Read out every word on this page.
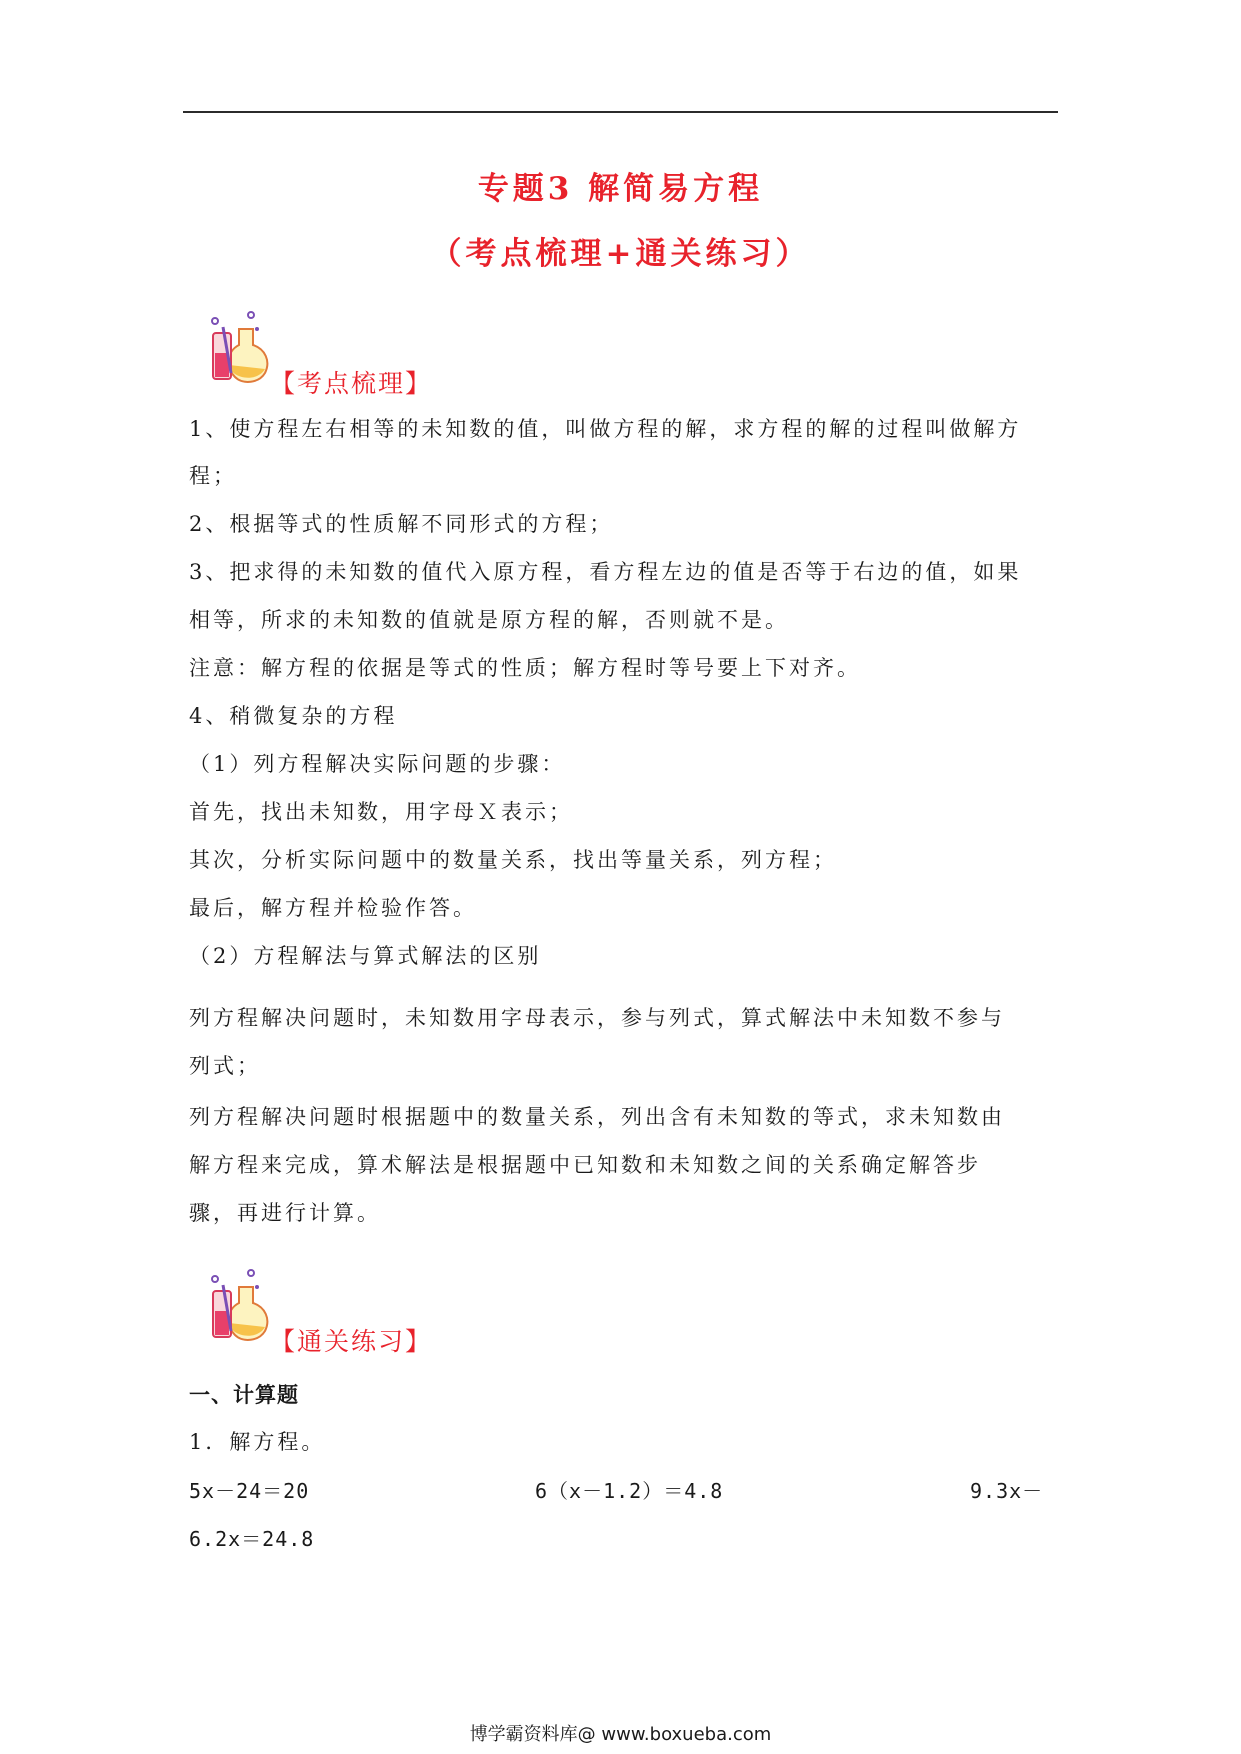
专题3 解简易方程
（考点梳理+通关练习）
【考点梳理】
1、使方程左右相等的未知数的值，叫做方程的解，求方程的解的过程叫做解方
程；
2、根据等式的性质解不同形式的方程；
3、把求得的未知数的值代入原方程，看方程左边的值是否等于右边的值，如果
相等，所求的未知数的值就是原方程的解，否则就不是。
注意：解方程的依据是等式的性质；解方程时等号要上下对齐。
4、稍微复杂的方程
（1）列方程解决实际问题的步骤：
首先，找出未知数，用字母Ｘ表示；
其次，分析实际问题中的数量关系，找出等量关系，列方程；
最后，解方程并检验作答。
（2）方程解法与算式解法的区别
列方程解决问题时，未知数用字母表示，参与列式，算式解法中未知数不参与
列式；
列方程解决问题时根据题中的数量关系，列出含有未知数的等式，求未知数由
解方程来完成，算术解法是根据题中已知数和未知数之间的关系确定解答步
骤，再进行计算。
【通关练习】
一、计算题
1．解方程。
5x－24＝20	6（x－1.2）＝4.8	9.3x－
6.2x＝24.8
博学霸资料库@ www.boxueba.com
